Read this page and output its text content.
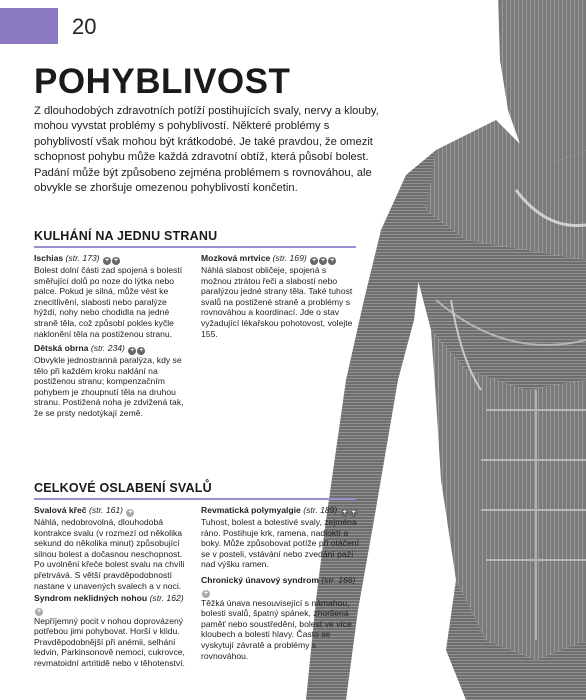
20
POHYBLIVOST

Z dlouhodobých zdravotních potíží postihujících svaly, nervy a klouby, mohou vyvstat problémy s pohyblivostí. Některé problémy s pohyblivostí však mohou být krátkodobé. Je také pravdou, že omezit schopnost pohybu může každá zdravotní obtíž, která působí bolest. Padání může být způsobeno zejména problémem s rovnováhou, ale obvykle se zhoršuje omezenou pohyblivostí končetin.

KULHÁNÍ NA JEDNU STRANU
Ischias (str. 173) + +

Bolest dolní části zad spojená s bolestí směřující dolů po noze do lýtka nebo palce. Pokud je silná, může vést ke znecitlivění, slabosti nebo paralýze hýždí, nohy nebo chodidla na jedné straně těla, což způsobí pokles kyčle naklonění těla na postiženou stranu.

Dětská obrna (str. 234) + +

Obvykle jednostranná paralýza, kdy se tělo při každém kroku naklání na postiženou stranu; kompenzačním pohybem je zhoupnutí těla na druhou stranu. Postižená noha je zdvižená tak, že se prsty nedotýkají země.

Mozková mrtvice (str. 169) + + +

Náhlá slabost obličeje, spojená s možnou ztrátou řeči a slabostí nebo paralýzou jedné strany těla. Také tuhost svalů na postižené straně a problémy s rovnováhou a koordinací. Jde o stav vyžadující lékařskou pohotovost, volejte 155.

CELKOVÉ OSLABENÍ SVALŮ
Svalová křeč (str. 161) +

Náhlá, nedobrovolná, dlouhodobá kontrakce svalu (v rozmezí od několika sekund do několika minut) způsobující silnou bolest a dočasnou neschopnost. Po uvolnění křeče bolest svalu na chvíli přetrvává. S větší pravděpodobností nastane v unavených svalech a v noci.

Syndrom neklidných nohou (str. 162) +

Nepříjemný pocit v nohou doprovázený potřebou jimi pohybovat. Horší v klidu. Pravděpodobnější při anémii, selhání ledvin, Parkinsonově nemoci, cukrovce, revmatoidní artritidě nebo v těhotenství.

Revmatická polymyalgie (str. 189) + +

Tuhost, bolest a bolestivé svaly, zejména ráno. Postihuje krk, ramena, nadloktí a boky. Může způsobovat potíže při otáčení se v posteli, vstávání nebo zvedání paží nad výšku ramen.

Chronický únavový syndrom (str. 166) +

Těžká únava nesouvisející s námahou, bolesti svalů, špatný spánek, zhoršená paměť nebo soustředění, bolest ve více kloubech a bolesti hlavy. Často se vyskytují závratě a problémy s rovnováhou.
